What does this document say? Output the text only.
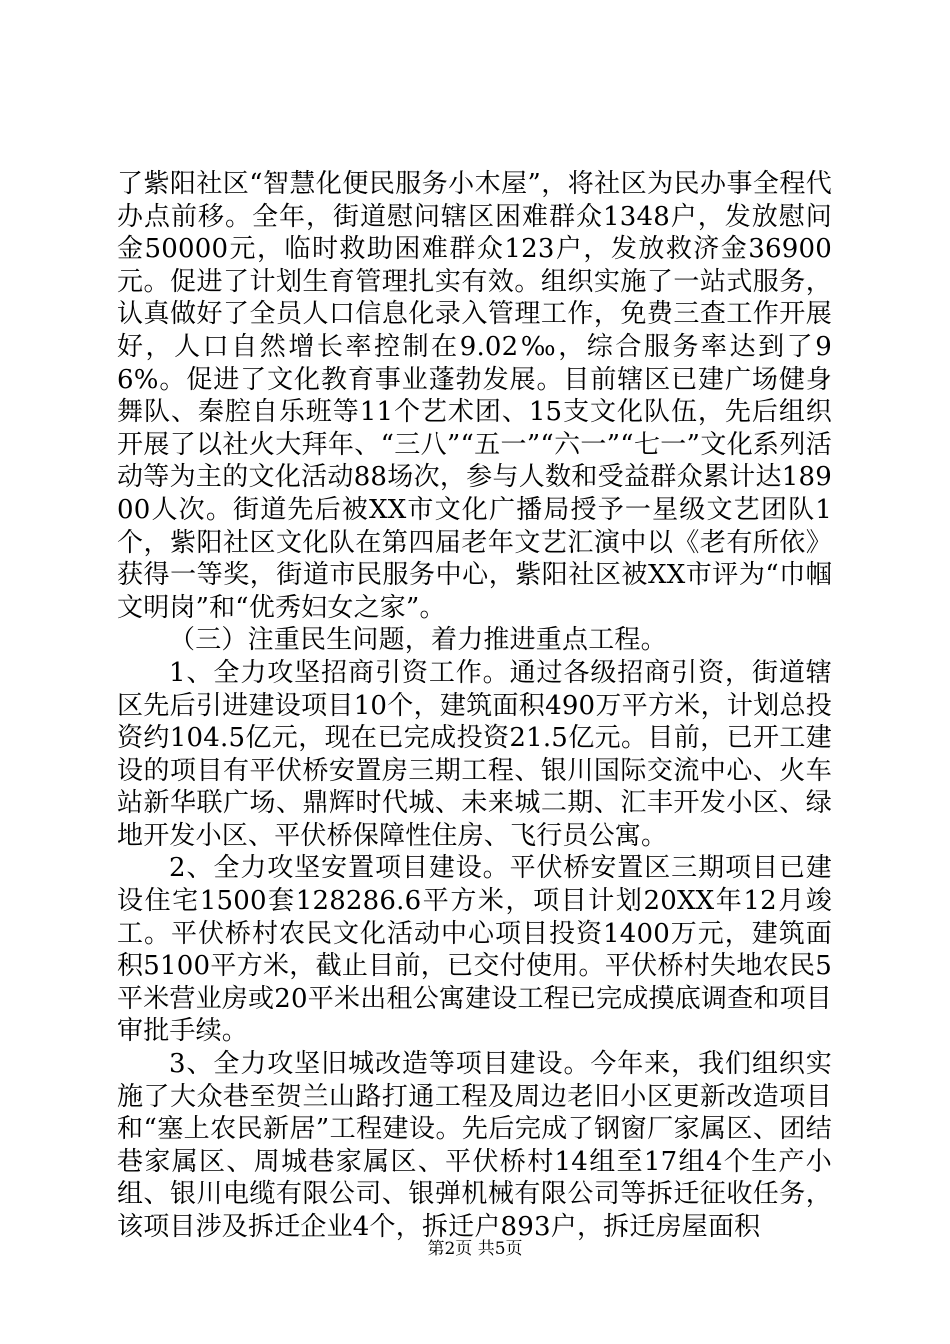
了紫阳社区“智慧化便民服务小木屋”，将社区为民办事全程代办点前移。全年，街道慰问辖区困难群众1348户，发放慰问金50000元，临时救助困难群众123户，发放救济金36900元。促进了计划生育管理扎实有效。组织实施了一站式服务，认真做好了全员人口信息化录入管理工作，免费三查工作开展好，人口自然增长率控制在9.02‰，综合服务率达到了96%。促进了文化教育事业蓬勃发展。目前辖区已建广场健身舞队、秦腔自乐班等11个艺术团、15支文化队伍，先后组织开展了以社火大拜年、“三八”“五一”“六一”“七一”文化系列活动等为主的文化活动88场次，参与人数和受益群众累计达18900人次。街道先后被XX市文化广播局授予一星级文艺团队1个，紫阳社区文化队在第四届老年文艺汇演中以《老有所依》获得一等奖，街道市民服务中心，紫阳社区被XX市评为“巾帼文明岗”和“优秀妇女之家”。

（三）注重民生问题，着力推进重点工程。

1、全力攻坚招商引资工作。通过各级招商引资，街道辖区先后引进建设项目10个，建筑面积490万平方米，计划总投资约104.5亿元，现在已完成投资21.5亿元。目前，已开工建设的项目有平伏桥安置房三期工程、银川国际交流中心、火车站新华联广场、鼎辉时代城、未来城二期、汇丰开发小区、绿地开发小区、平伏桥保障性住房、飞行员公寓。

2、全力攻坚安置项目建设。平伏桥安置区三期项目已建设住宅1500套128286.6平方米，项目计划20XX年12月竣工。平伏桥村农民文化活动中心项目投资1400万元，建筑面积5100平方米，截止目前，已交付使用。平伏桥村失地农民5平米营业房或20平米出租公寓建设工程已完成摸底调查和项目审批手续。

3、全力攻坚旧城改造等项目建设。今年来，我们组织实施了大众巷至贺兰山路打通工程及周边老旧小区更新改造项目和“塞上农民新居”工程建设。先后完成了钢窗厂家属区、团结巷家属区、周城巷家属区、平伏桥村14组至17组4个生产小组、银川电缆有限公司、银弹机械有限公司等拆迁征收任务，该项目涉及拆迁企业4个，拆迁户893户，拆迁房屋面积

第2页 共5页
